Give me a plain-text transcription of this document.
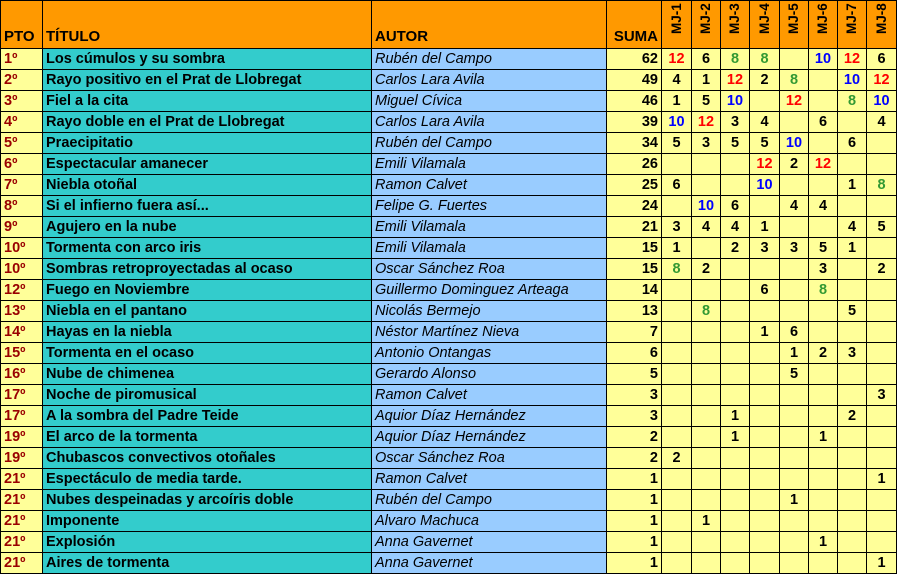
PTO	TÍTULO	AUTOR	SUMA	MJ-1	MJ-2	MJ-3	MJ-4	MJ-5	MJ-6	MJ-7	MJ-8

1º	Los cúmulos y su sombra	Rubén del Campo	62	12	6	8	8		10	12	6
2º	Rayo positivo en el Prat de Llobregat	Carlos Lara Avila	49	4	1	12	2	8		10	12
3º	Fiel a la cita	Miguel Cívica	46	1	5	10		12		8	10
4º	Rayo doble en el Prat de Llobregat	Carlos Lara Avila	39	10	12	3	4		6		4
5º	Praecipitatio	Rubén del Campo	34	5	3	5	5	10		6	
6º	Espectacular amanecer	Emili Vilamala	26				12	2	12		
7º	Niebla otoñal	Ramon Calvet	25	6			10			1	8
8º	Si el infierno fuera así...	Felipe G. Fuertes	24		10	6		4	4		
9º	Agujero en la nube	Emili Vilamala	21	3	4	4	1			4	5
10º	Tormenta con arco iris	Emili Vilamala	15	1		2	3	3	5	1	
10º	Sombras retroproyectadas al ocaso	Oscar Sánchez Roa	15	8	2				3		2
12º	Fuego en Noviembre	Guillermo Dominguez Arteaga	14				6		8		
13º	Niebla en el pantano	Nicolás Bermejo	13		8					5	
14º	Hayas en la niebla	Néstor Martínez Nieva	7				1	6			
15º	Tormenta en el ocaso	Antonio Ontangas	6					1	2	3	
16º	Nube de chimenea	Gerardo Alonso	5					5			
17º	Noche de piromusical	Ramon Calvet	3								3
17º	A la sombra del Padre Teide	Aquior Díaz Hernández	3			1				2	
19º	El arco de la tormenta	Aquior Díaz Hernández	2			1			1		
19º	Chubascos convectivos otoñales	Oscar Sánchez Roa	2	2							
21º	Espectáculo de media tarde.	Ramon Calvet	1								1
21º	Nubes despeinadas y arcoíris doble	Rubén del Campo	1					1			
21º	Imponente	Alvaro Machuca	1		1						
21º	Explosión	Anna Gavernet	1						1		
21º	Aires de tormenta	Anna Gavernet	1								1
